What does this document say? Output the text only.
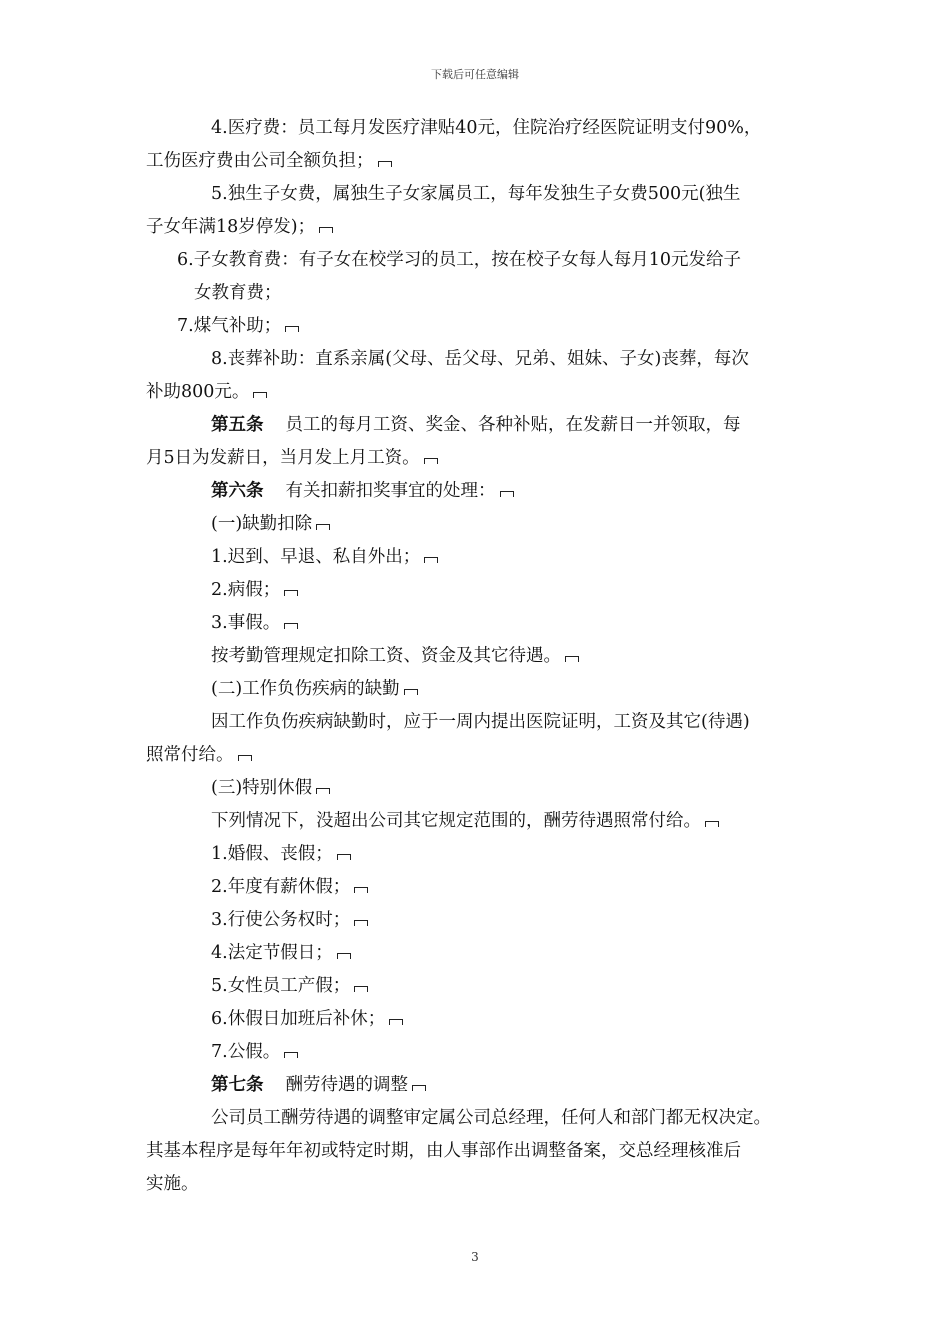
下载后可任意编辑
4.医疗费：员工每月发医疗津贴40元，住院治疗经医院证明支付90%，
工伤医疗费由公司全额负担；
5.独生子女费，属独生子女家属员工，每年发独生子女费500元(独生
子女年满18岁停发)；
6.子女教育费：有子女在校学习的员工，按在校子女每人每月10元发给子
女教育费；
7.煤气补助；
8.丧葬补助：直系亲属(父母、岳父母、兄弟、姐妹、子女)丧葬，每次
补助800元。
第五条 员工的每月工资、奖金、各种补贴，在发薪日一并领取，每
月5日为发薪日，当月发上月工资。
第六条 有关扣薪扣奖事宜的处理：
(一)缺勤扣除
1.迟到、早退、私自外出；
2.病假；
3.事假。
按考勤管理规定扣除工资、资金及其它待遇。
(二)工作负伤疾病的缺勤
因工作负伤疾病缺勤时，应于一周内提出医院证明，工资及其它(待遇)
照常付给。
(三)特别休假
下列情况下，没超出公司其它规定范围的，酬劳待遇照常付给。
1.婚假、丧假；
2.年度有薪休假；
3.行使公务权时；
4.法定节假日；
5.女性员工产假；
6.休假日加班后补休；
7.公假。
第七条 酬劳待遇的调整
公司员工酬劳待遇的调整审定属公司总经理，任何人和部门都无权决定。
其基本程序是每年年初或特定时期，由人事部作出调整备案，交总经理核准后
实施。
3
